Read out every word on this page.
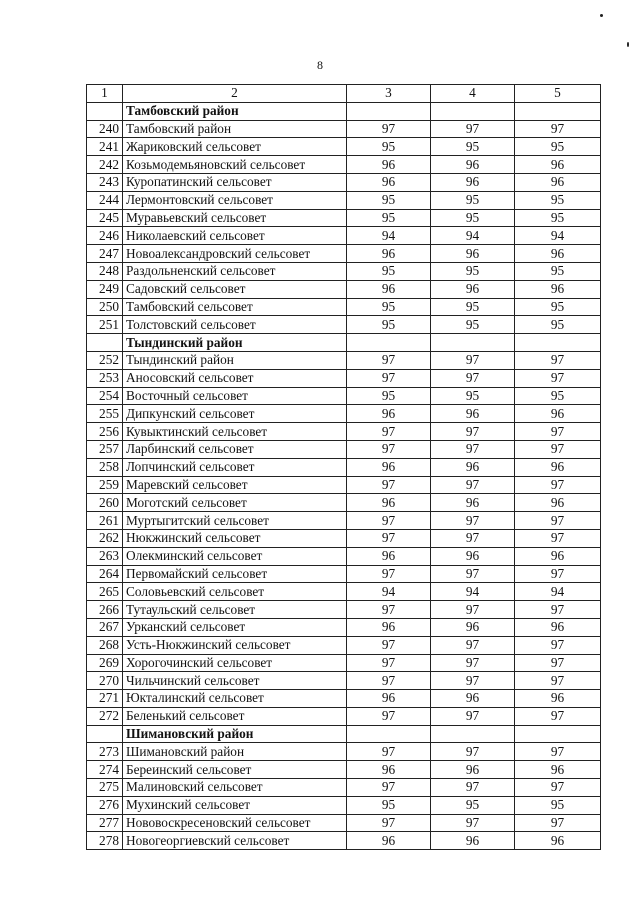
8
1	2	3	4	5
	Тамбовский район			
240	Тамбовский район	97	97	97
241	Жариковский сельсовет	95	95	95
242	Козьмодемьяновский сельсовет	96	96	96
243	Куропатинский сельсовет	96	96	96
244	Лермонтовский сельсовет	95	95	95
245	Муравьевский сельсовет	95	95	95
246	Николаевский сельсовет	94	94	94
247	Новоалександровский сельсовет	96	96	96
248	Раздольненский сельсовет	95	95	95
249	Садовский сельсовет	96	96	96
250	Тамбовский сельсовет	95	95	95
251	Толстовский сельсовет	95	95	95
	Тындинский район			
252	Тындинский район	97	97	97
253	Аносовский сельсовет	97	97	97
254	Восточный сельсовет	95	95	95
255	Дипкунский сельсовет	96	96	96
256	Кувыктинский сельсовет	97	97	97
257	Ларбинский сельсовет	97	97	97
258	Лопчинский сельсовет	96	96	96
259	Маревский сельсовет	97	97	97
260	Моготский сельсовет	96	96	96
261	Муртыгитский сельсовет	97	97	97
262	Нюкжинский сельсовет	97	97	97
263	Олекминский сельсовет	96	96	96
264	Первомайский сельсовет	97	97	97
265	Соловьевский сельсовет	94	94	94
266	Тутаульский сельсовет	97	97	97
267	Урканский сельсовет	96	96	96
268	Усть-Нюкжинский сельсовет	97	97	97
269	Хорогочинский сельсовет	97	97	97
270	Чильчинский сельсовет	97	97	97
271	Юкталинский сельсовет	96	96	96
272	Беленький сельсовет	97	97	97
	Шимановский район			
273	Шимановский район	97	97	97
274	Береинский сельсовет	96	96	96
275	Малиновский сельсовет	97	97	97
276	Мухинский сельсовет	95	95	95
277	Нововоскресеновский сельсовет	97	97	97
278	Новогеоргиевский сельсовет	96	96	96
